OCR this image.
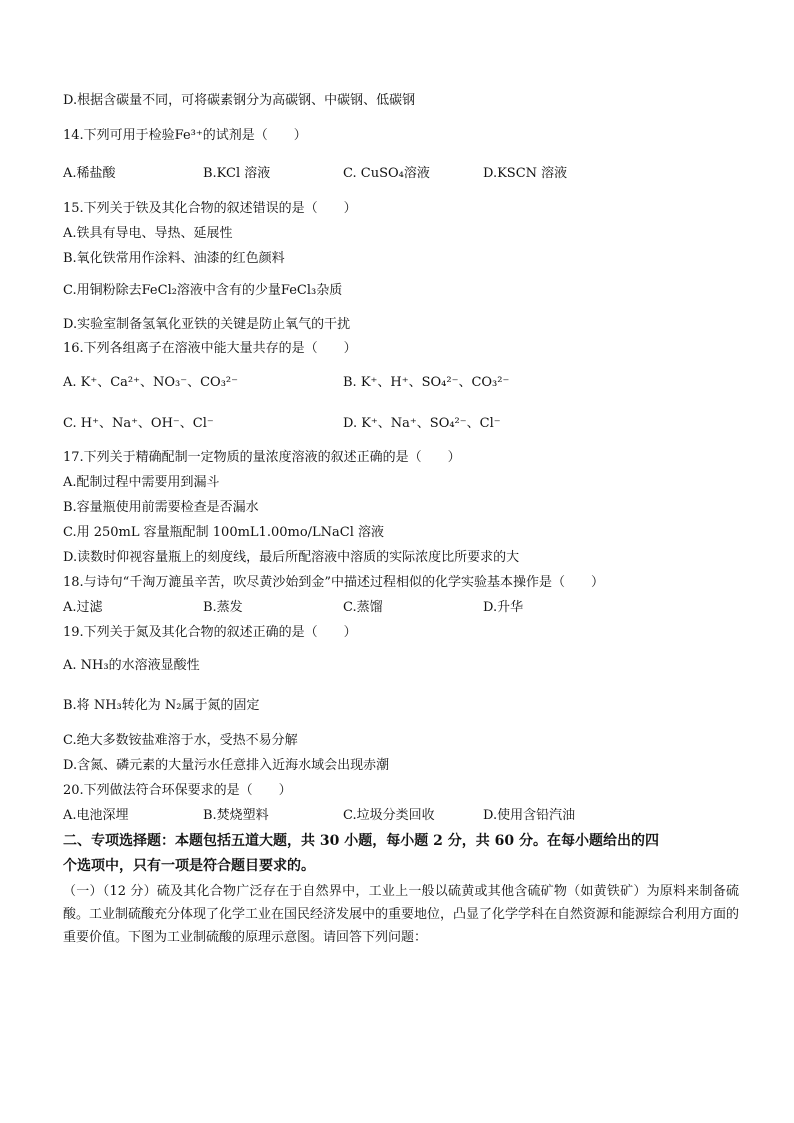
D.根据含碳量不同，可将碳素钢分为高碳钢、中碳钢、低碳钢
14.下列可用于检验Fe³⁺的试剂是（　　）
A.稀盐酸	B.KCl 溶液	C. CuSO₄溶液	D.KSCN 溶液
15.下列关于铁及其化合物的叙述错误的是（　　）
A.铁具有导电、导热、延展性
B.氧化铁常用作涂料、油漆的红色颜料
C.用铜粉除去FeCl₂溶液中含有的少量FeCl₃杂质
D.实验室制备氢氧化亚铁的关键是防止氧气的干扰
16.下列各组离子在溶液中能大量共存的是（　　）
A. K⁺、Ca²⁺、NO₃⁻、CO₃²⁻	B. K⁺、H⁺、SO₄²⁻、CO₃²⁻
C. H⁺、Na⁺、OH⁻、Cl⁻	D. K⁺、Na⁺、SO₄²⁻、Cl⁻
17.下列关于精确配制一定物质的量浓度溶液的叙述正确的是（　　）
A.配制过程中需要用到漏斗
B.容量瓶使用前需要检查是否漏水
C.用 250mL 容量瓶配制 100mL1.00mo/LNaCl 溶液
D.读数时仰视容量瓶上的刻度线，最后所配溶液中溶质的实际浓度比所要求的大
18.与诗句“千淘万漉虽辛苦，吹尽黄沙始到金”中描述过程相似的化学实验基本操作是（　　）
A.过滤	B.蒸发	C.蒸馏	D.升华
19.下列关于氮及其化合物的叙述正确的是（　　）
A. NH₃的水溶液显酸性
B.将 NH₃转化为 N₂属于氮的固定
C.绝大多数铵盐难溶于水，受热不易分解
D.含氮、磷元素的大量污水任意排入近海水域会出现赤潮
20.下列做法符合环保要求的是（　　）
A.电池深埋	B.焚烧塑料	C.垃圾分类回收	D.使用含铅汽油
二、专项选择题：本题包括五道大题，共 30 小题，每小题 2 分，共 60 分。在每小题给出的四
个选项中，只有一项是符合题目要求的。
（一）（12 分）硫及其化合物广泛存在于自然界中，工业上一般以硫黄或其他含硫矿物（如黄铁矿）为原料来制备硫酸。工业制硫酸充分体现了化学工业在国民经济发展中的重要地位，凸显了化学学科在自然资源和能源综合利用方面的重要价值。下图为工业制硫酸的原理示意图。请回答下列问题：
